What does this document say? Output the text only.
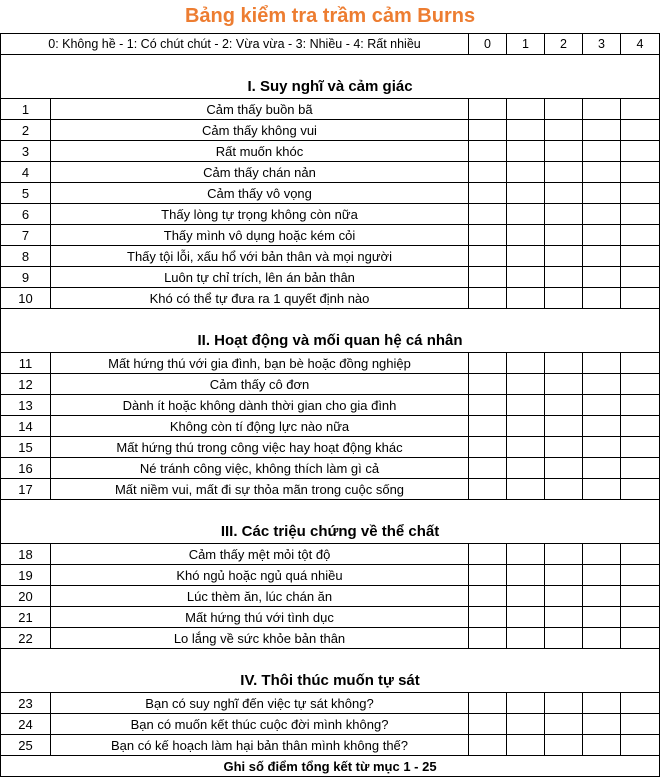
Bảng kiểm tra trầm cảm Burns						
0: Không hề - 1: Có chút chút - 2: Vừa vừa - 3: Nhiều - 4: Rất nhiều		0	1	2	3	4
I. Suy nghĩ và cảm giác						
1	Cảm thấy buồn bã					
2	Cảm thấy không vui					
3	Rất muốn khóc					
4	Cảm thấy chán nản					
5	Cảm thấy vô vọng					
6	Thấy lòng tự trọng không còn nữa					
7	Thấy mình vô dụng hoặc kém cỏi					
8	Thấy tội lỗi, xấu hổ với bản thân và mọi người					
9	Luôn tự chỉ trích, lên án bản thân					
10	Khó có thể tự đưa ra 1 quyết định nào					
II. Hoạt động và mối quan hệ cá nhân						
11	Mất hứng thú với gia đình, bạn bè hoặc đồng nghiệp					
12	Cảm thấy cô đơn					
13	Dành ít hoặc không dành thời gian cho gia đình					
14	Không còn tí động lực nào nữa					
15	Mất hứng thú trong công việc hay hoạt động khác					
16	Né tránh công việc, không thích làm gì cả					
17	Mất niềm vui, mất đi sự thỏa mãn trong cuộc sống					
III. Các triệu chứng về thể chất						
18	Cảm thấy mệt mỏi tột độ					
19	Khó ngủ hoặc ngủ quá nhiều					
20	Lúc thèm ăn, lúc chán ăn					
21	Mất hứng thú với tình dục					
22	Lo lắng về sức khỏe bản thân					
IV. Thôi thúc muốn tự sát						
23	Bạn có suy nghĩ đến việc tự sát không?					
24	Bạn có muốn kết thúc cuộc đời mình không?					
25	Bạn có kế hoạch làm hại bản thân mình không thế?					
Ghi số điểm tổng kết từ mục 1 - 25						
